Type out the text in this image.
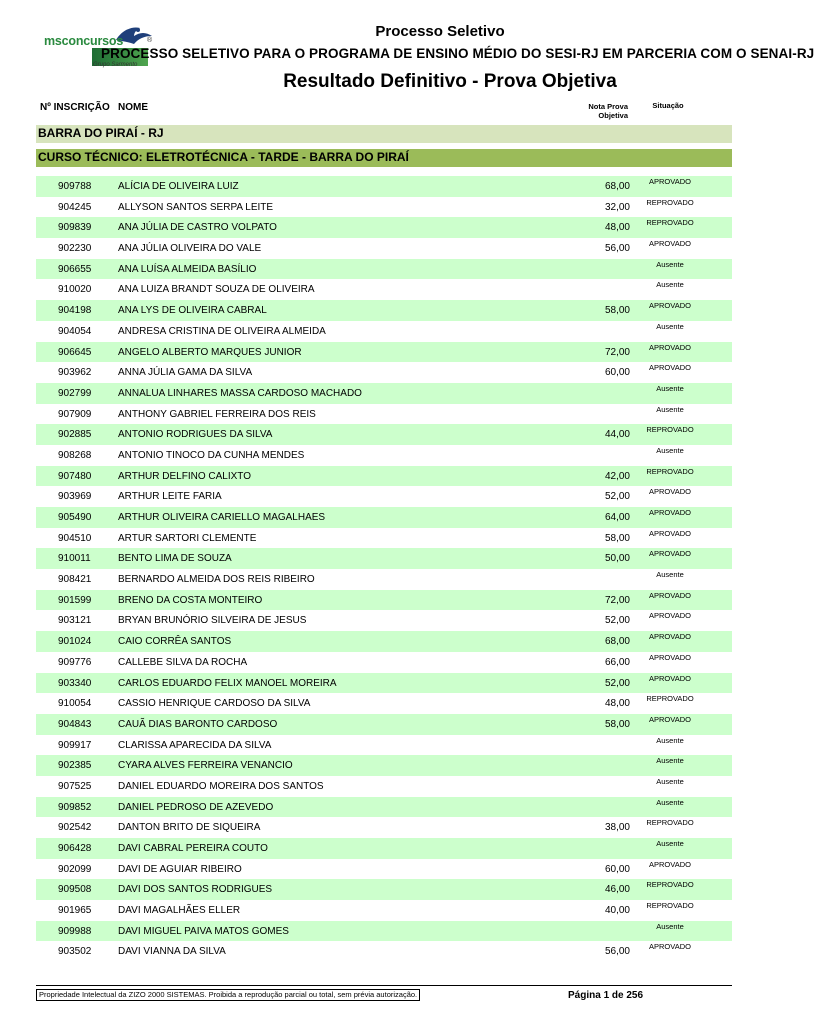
msconcursos	®
Grupo Sarmento
Processo Seletivo
PROCESSO SELETIVO PARA O PROGRAMA DE ENSINO MÉDIO DO SESI-RJ EM PARCERIA COM O SENAI-RJ
Resultado Definitivo - Prova Objetiva
Nº INSCRIÇÃO NOME	Nota Prova
Objetiva
Situação
BARRA DO PIRAÍ - RJ
CURSO TÉCNICO: ELETROTÉCNICA - TARDE - BARRA DO PIRAÍ
909788	ALÍCIA DE OLIVEIRA LUIZ	68,00	APROVADO
904245	ALLYSON SANTOS SERPA LEITE	32,00	REPROVADO
909839	ANA JÚLIA DE CASTRO VOLPATO	48,00	REPROVADO
902230	ANA JÚLIA OLIVEIRA DO VALE	56,00	APROVADO
906655	ANA LUÍSA ALMEIDA BASÍLIO	Ausente
910020	ANA LUIZA BRANDT SOUZA DE OLIVEIRA	Ausente
904198	ANA LYS DE OLIVEIRA CABRAL	58,00	APROVADO
904054	ANDRESA CRISTINA DE OLIVEIRA ALMEIDA	Ausente
906645	ANGELO ALBERTO MARQUES JUNIOR	72,00	APROVADO
903962	ANNA JÚLIA GAMA DA SILVA	60,00	APROVADO
902799	ANNALUA LINHARES MASSA CARDOSO MACHADO	Ausente
907909	ANTHONY GABRIEL FERREIRA DOS REIS	Ausente
902885	ANTONIO RODRIGUES DA SILVA	44,00	REPROVADO
908268	ANTONIO TINOCO DA CUNHA MENDES	Ausente
907480	ARTHUR DELFINO CALIXTO	42,00	REPROVADO
903969	ARTHUR LEITE FARIA	52,00	APROVADO
905490	ARTHUR OLIVEIRA CARIELLO MAGALHAES	64,00	APROVADO
904510	ARTUR SARTORI CLEMENTE	58,00	APROVADO
910011	BENTO LIMA DE SOUZA	50,00	APROVADO
908421	BERNARDO ALMEIDA DOS REIS RIBEIRO	Ausente
901599	BRENO DA COSTA MONTEIRO	72,00	APROVADO
903121	BRYAN BRUNÓRIO SILVEIRA DE JESUS	52,00	APROVADO
901024	CAIO CORRÊA SANTOS	68,00	APROVADO
909776	CALLEBE SILVA DA ROCHA	66,00	APROVADO
903340	CARLOS EDUARDO FELIX MANOEL MOREIRA	52,00	APROVADO
910054	CASSIO HENRIQUE CARDOSO DA SILVA	48,00	REPROVADO
904843	CAUÃ DIAS BARONTO CARDOSO	58,00	APROVADO
909917	CLARISSA APARECIDA DA SILVA	Ausente
902385	CYARA ALVES FERREIRA VENANCIO	Ausente
907525	DANIEL EDUARDO MOREIRA DOS SANTOS	Ausente
909852	DANIEL PEDROSO DE AZEVEDO	Ausente
902542	DANTON BRITO DE SIQUEIRA	38,00	REPROVADO
906428	DAVI CABRAL PEREIRA COUTO	Ausente
902099	DAVI DE AGUIAR RIBEIRO	60,00	APROVADO
909508	DAVI DOS SANTOS RODRIGUES	46,00	REPROVADO
901965	DAVI MAGALHÃES ELLER	40,00	REPROVADO
909988	DAVI MIGUEL PAIVA MATOS GOMES	Ausente
903502	DAVI VIANNA DA SILVA	56,00	APROVADO
Propriedade Intelectual da ZIZO 2000 SISTEMAS. Proibida a reprodução parcial ou total, sem prévia autorização.	Página 1 de 256
